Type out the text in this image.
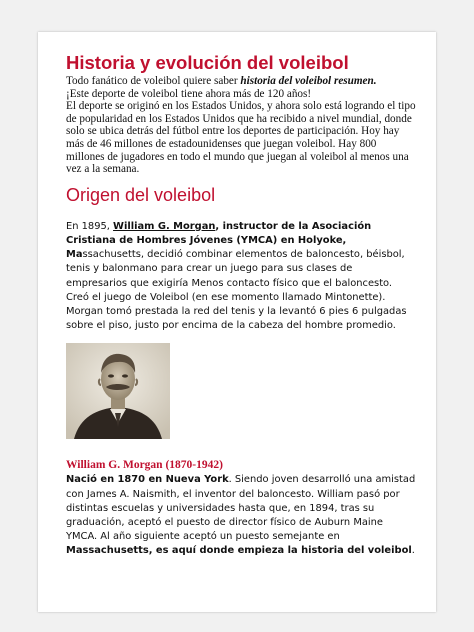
Historia y evolución del voleibol

Todo fanático de voleibol quiere saber historia del voleibol resumen.

¡Este deporte de voleibol tiene ahora más de 120 años!

El deporte se originó en los Estados Unidos, y ahora solo está logrando el tipo de popularidad en los Estados Unidos que ha recibido a nivel mundial, donde solo se ubica detrás del fútbol entre los deportes de participación. Hoy hay más de 46 millones de estadounidenses que juegan voleibol. Hay 800 millones de jugadores en todo el mundo que juegan al voleibol al menos una vez a la semana.

Origen del voleibol

En 1895, William G. Morgan, instructor de la Asociación Cristiana de Hombres Jóvenes (YMCA) en Holyoke, Massachusetts, decidió combinar elementos de baloncesto, béisbol, tenis y balonmano para crear un juego para sus clases de empresarios que exigiría Menos contacto físico que el baloncesto.

Creó el juego de Voleibol (en ese momento llamado Mintonette). Morgan tomó prestada la red del tenis y la levantó 6 pies 6 pulgadas sobre el piso, justo por encima de la cabeza del hombre promedio.

William G. Morgan (1870-1942)

Nació en 1870 en Nueva York. Siendo joven desarrolló una amistad con James A. Naismith, el inventor del baloncesto. William pasó por distintas escuelas y universidades hasta que, en 1894, tras su graduación, aceptó el puesto de director físico de Auburn Maine YMCA. Al año siguiente aceptó un puesto semejante en Massachusetts, es aquí donde empieza la historia del voleibol.
